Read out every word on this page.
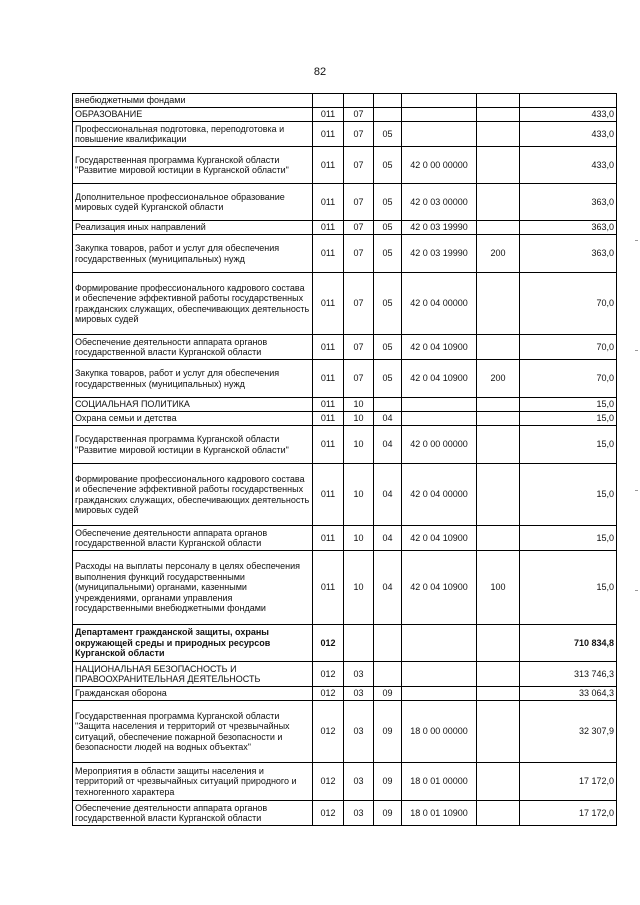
82
внебюджетными фондами						
ОБРАЗОВАНИЕ	011	07				433,0
Профессиональная подготовка, переподготовка и повышение квалификации	011	07	05			433,0
Государственная программа Курганской области "Развитие мировой юстиции в Курганской области"	011	07	05	42 0 00 00000		433,0
Дополнительное профессиональное образование мировых судей Курганской области	011	07	05	42 0 03 00000		363,0
Реализация иных направлений	011	07	05	42 0 03 19990		363,0
Закупка товаров, работ и услуг для обеспечения государственных (муниципальных) нужд	011	07	05	42 0 03 19990	200	363,0
Формирование профессионального кадрового состава и обеспечение эффективной работы государственных гражданских служащих, обеспечивающих деятельность мировых судей	011	07	05	42 0 04 00000		70,0
Обеспечение деятельности аппарата органов государственной власти Курганской области	011	07	05	42 0 04 10900		70,0
Закупка товаров, работ и услуг для обеспечения государственных (муниципальных) нужд	011	07	05	42 0 04 10900	200	70,0
СОЦИАЛЬНАЯ ПОЛИТИКА	011	10				15,0
Охрана семьи и детства	011	10	04			15,0
Государственная программа Курганской области "Развитие мировой юстиции в Курганской области"	011	10	04	42 0 00 00000		15,0
Формирование профессионального кадрового состава и обеспечение эффективной работы государственных гражданских служащих, обеспечивающих деятельность мировых судей	011	10	04	42 0 04 00000		15,0
Обеспечение деятельности аппарата органов государственной власти Курганской области	011	10	04	42 0 04 10900		15,0
Расходы на выплаты персоналу в целях обеспечения выполнения функций государственными (муниципальными) органами, казенными учреждениями, органами управления государственными внебюджетными фондами	011	10	04	42 0 04 10900	100	15,0
Департамент гражданской защиты, охраны окружающей среды и природных ресурсов Курганской области	012					710 834,8
НАЦИОНАЛЬНАЯ БЕЗОПАСНОСТЬ И ПРАВООХРАНИТЕЛЬНАЯ ДЕЯТЕЛЬНОСТЬ	012	03				313 746,3
Гражданская оборона	012	03	09			33 064,3
Государственная программа Курганской области "Защита населения и территорий от чрезвычайных ситуаций, обеспечение пожарной безопасности и безопасности людей на водных объектах"	012	03	09	18 0 00 00000		32 307,9
Мероприятия в области защиты населения и территорий от чрезвычайных ситуаций природного и техногенного характера	012	03	09	18 0 01 00000		17 172,0
Обеспечение деятельности аппарата органов государственной власти Курганской области	012	03	09	18 0 01 10900		17 172,0
